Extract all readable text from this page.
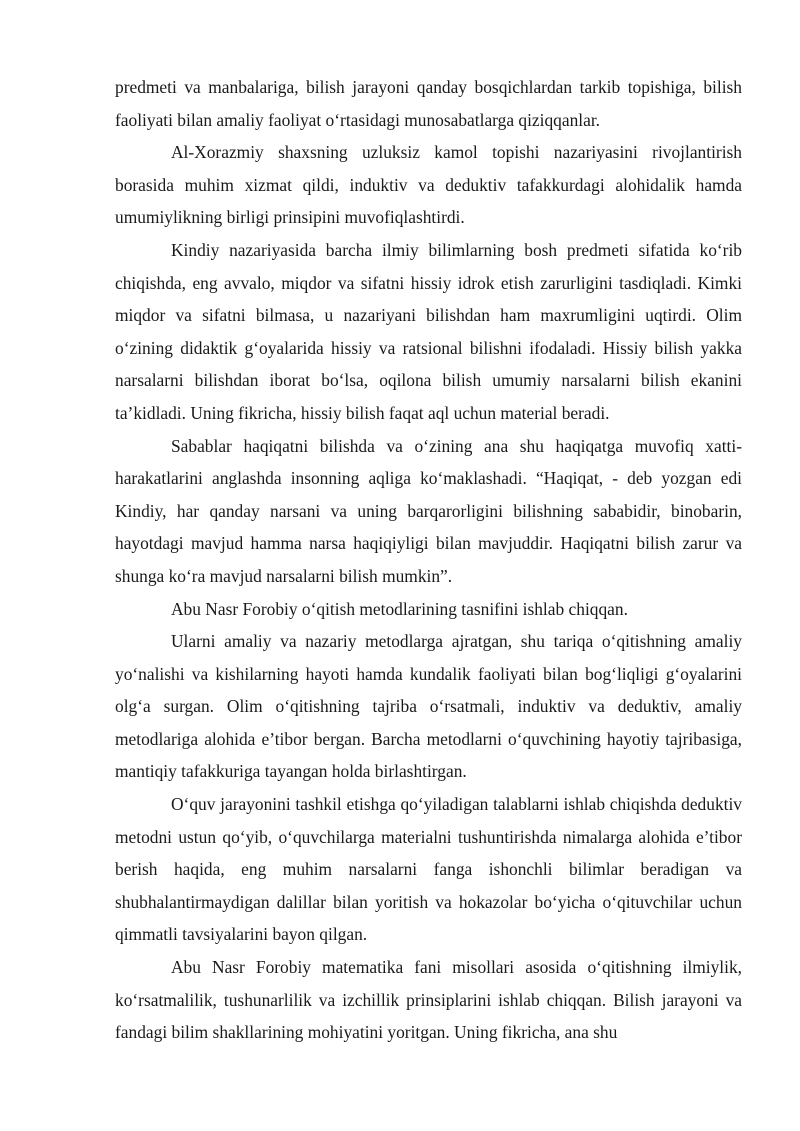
predmeti va manbalariga, bilish jarayoni qanday bosqichlardan tarkib topishiga, bilish faoliyati bilan amaliy faoliyat o‘rtasidagi munosabatlarga qiziqqanlar.

Al-Xorazmiy shaxsning uzluksiz kamol topishi nazariyasini rivojlantirish borasida muhim xizmat qildi, induktiv va deduktiv tafakkurdagi alohidalik hamda umumiylikning birligi prinsipini muvofiqlashtirdi.

Kindiy nazariyasida barcha ilmiy bilimlarning bosh predmeti sifatida ko‘rib chiqishda, eng avvalo, miqdor va sifatni hissiy idrok etish zarurligini tasdiqladi. Kimki miqdor va sifatni bilmasa, u nazariyani bilishdan ham maxrumligini uqtirdi. Olim o‘zining didaktik g‘oyalarida hissiy va ratsional bilishni ifodaladi. Hissiy bilish yakka narsalarni bilishdan iborat bo‘lsa, oqilona bilish umumiy narsalarni bilish ekanini ta’kidladi. Uning fikricha, hissiy bilish faqat aql uchun material beradi.

Sabablar haqiqatni bilishda va o‘zining ana shu haqiqatga muvofiq xatti-harakatlarini anglashda insonning aqliga ko‘maklashadi. “Haqiqat, - deb yozgan edi Kindiy, har qanday narsani va uning barqarorligini bilishning sababidir, binobarin, hayotdagi mavjud hamma narsa haqiqiyligi bilan mavjuddir. Haqiqatni bilish zarur va shunga ko‘ra mavjud narsalarni bilish mumkin”.

Abu Nasr Forobiy o‘qitish metodlarining tasnifini ishlab chiqqan.

Ularni amaliy va nazariy metodlarga ajratgan, shu tariqa o‘qitishning amaliy yo‘nalishi va kishilarning hayoti hamda kundalik faoliyati bilan bog‘liqligi g‘oyalarini olg‘a surgan. Olim o‘qitishning tajriba o‘rsatmali, induktiv va deduktiv, amaliy metodlariga alohida e’tibor bergan. Barcha metodlarni o‘quvchining hayotiy tajribasiga, mantiqiy tafakkuriga tayangan holda birlashtirgan.

O‘quv jarayonini tashkil etishga qo‘yiladigan talablarni ishlab chiqishda deduktiv metodni ustun qo‘yib, o‘quvchilarga materialni tushuntirishda nimalarga alohida e’tibor berish haqida, eng muhim narsalarni fanga ishonchli bilimlar beradigan va shubhalantirmaydigan dalillar bilan yoritish va hokazolar bo‘yicha o‘qituvchilar uchun qimmatli tavsiyalarini bayon qilgan.

Abu Nasr Forobiy matematika fani misollari asosida o‘qitishning ilmiylik, ko‘rsatmalilik, tushunarlilik va izchillik prinsiplarini ishlab chiqqan. Bilish jarayoni va fandagi bilim shakllarining mohiyatini yoritgan. Uning fikricha, ana shu
